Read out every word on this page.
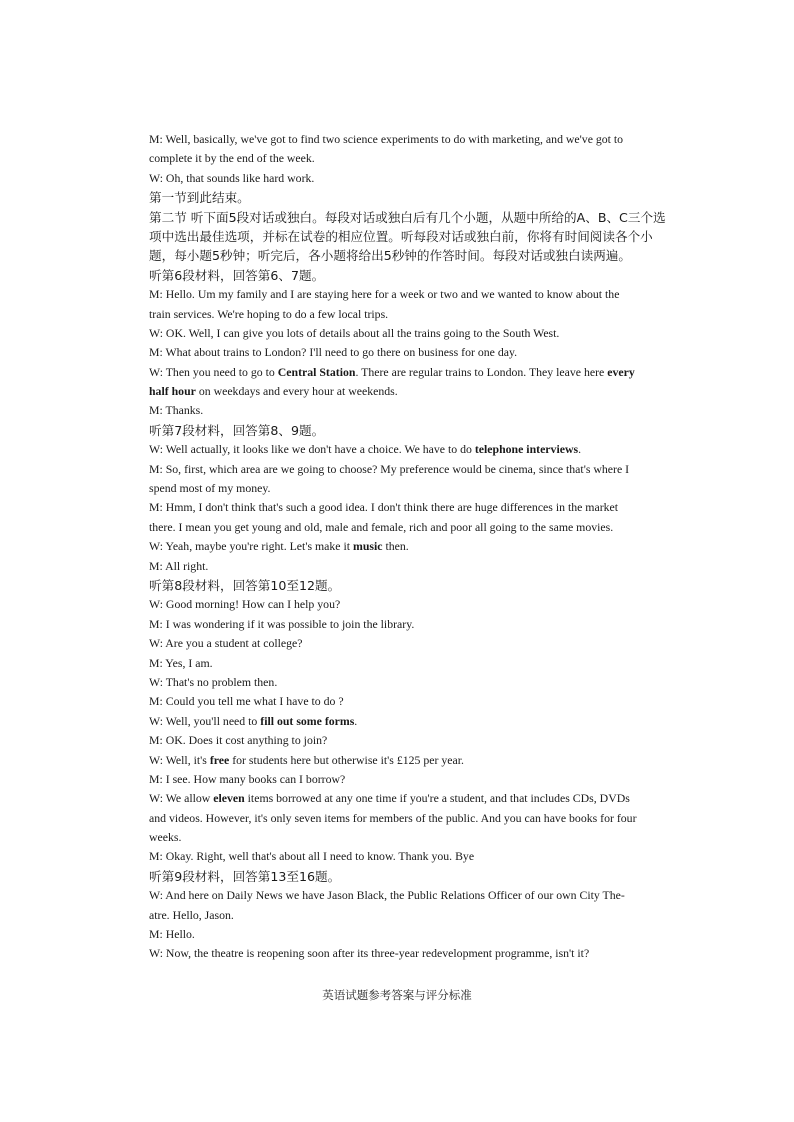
M: Well, basically, we've got to find two science experiments to do with marketing, and we've got to
complete it by the end of the week.
W: Oh, that sounds like hard work.
第一节到此结束。
第二节 听下面5段对话或独白。每段对话或独白后有几个小题，从题中所给的A、B、C三个选
项中选出最佳选项，并标在试卷的相应位置。听每段对话或独白前，你将有时间阅读各个小
题，每小题5秒钟；听完后，各小题将给出5秒钟的作答时间。每段对话或独白读两遍。
听第6段材料，回答第6、7题。
M: Hello. Um my family and I are staying here for a week or two and we wanted to know about the
train services. We're hoping to do a few local trips.
W: OK. Well, I can give you lots of details about all the trains going to the South West.
M: What about trains to London? I'll need to go there on business for one day.
W: Then you need to go to Central Station. There are regular trains to London. They leave here every
half hour on weekdays and every hour at weekends.
M: Thanks.
听第7段材料，回答第8、9题。
W: Well actually, it looks like we don't have a choice. We have to do telephone interviews.
M: So, first, which area are we going to choose? My preference would be cinema, since that's where I
spend most of my money.
M: Hmm, I don't think that's such a good idea. I don't think there are huge differences in the market
there. I mean you get young and old, male and female, rich and poor all going to the same movies.
W: Yeah, maybe you're right. Let's make it music then.
M: All right.
听第8段材料，回答第10至12题。
W: Good morning! How can I help you?
M: I was wondering if it was possible to join the library.
W: Are you a student at college?
M: Yes, I am.
W: That's no problem then.
M: Could you tell me what I have to do ?
W: Well, you'll need to fill out some forms.
M: OK. Does it cost anything to join?
W: Well, it's free for students here but otherwise it's £125 per year.
M: I see. How many books can I borrow?
W: We allow eleven items borrowed at any one time if you're a student, and that includes CDs, DVDs
and videos. However, it's only seven items for members of the public. And you can have books for four
weeks.
M: Okay. Right, well that's about all I need to know. Thank you. Bye
听第9段材料，回答第13至16题。
W: And here on Daily News we have Jason Black, the Public Relations Officer of our own City The-
atre. Hello, Jason.
M: Hello.
W: Now, the theatre is reopening soon after its three-year redevelopment programme, isn't it?
英语试题参考答案与评分标准
